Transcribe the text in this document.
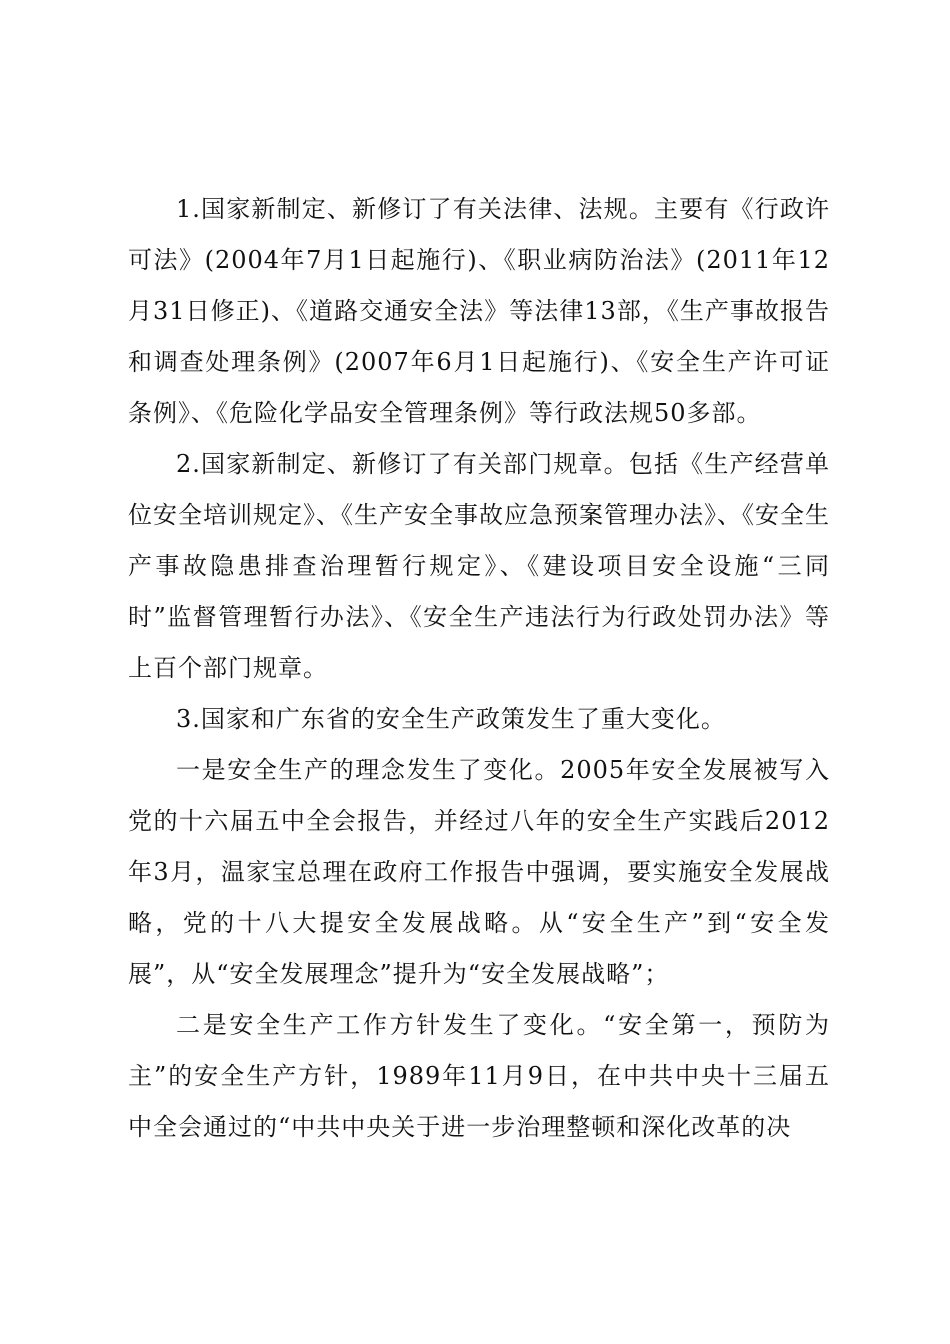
1.国家新制定、新修订了有关法律、法规。主要有《行政许可法》(2004年7月1日起施行)、《职业病防治法》(2011年12月31日修正)、《道路交通安全法》等法律13部，《生产事故报告和调查处理条例》(2007年6月1日起施行)、《安全生产许可证条例》、《危险化学品安全管理条例》等行政法规50多部。

2.国家新制定、新修订了有关部门规章。包括《生产经营单位安全培训规定》、《生产安全事故应急预案管理办法》、《安全生产事故隐患排查治理暂行规定》、《建设项目安全设施“三同时”监督管理暂行办法》、《安全生产违法行为行政处罚办法》等上百个部门规章。

3.国家和广东省的安全生产政策发生了重大变化。

一是安全生产的理念发生了变化。2005年安全发展被写入党的十六届五中全会报告，并经过八年的安全生产实践后2012年3月，温家宝总理在政府工作报告中强调，要实施安全发展战略，党的十八大提安全发展战略。从“安全生产”到“安全发展”，从“安全发展理念”提升为“安全发展战略”；

二是安全生产工作方针发生了变化。“安全第一，预防为主”的安全生产方针，1989年11月9日，在中共中央十三届五中全会通过的“中共中央关于进一步治理整顿和深化改革的决
